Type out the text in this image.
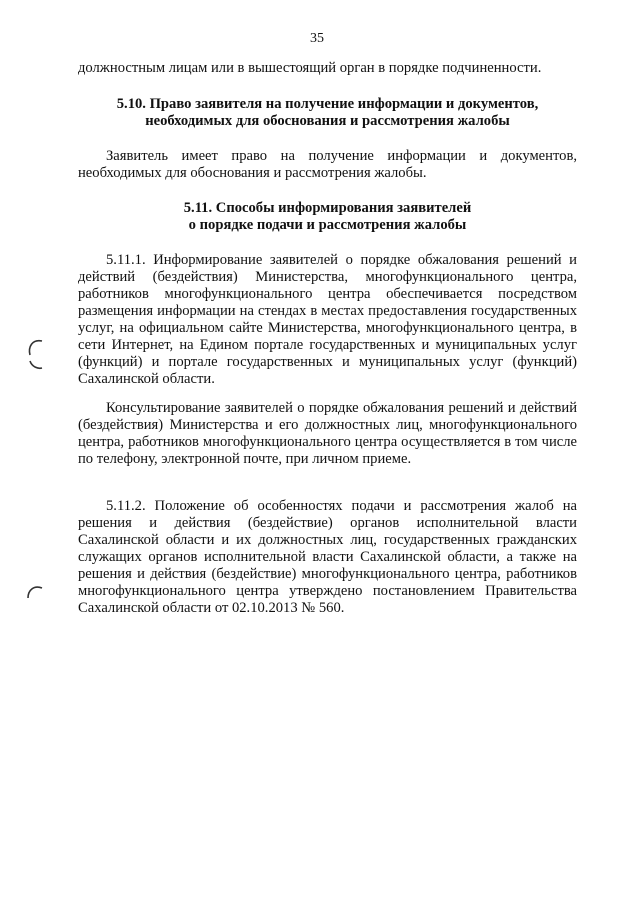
35
должностным лицам или в вышестоящий орган в порядке подчиненности.
5.10. Право заявителя на получение информации и документов,
необходимых для обоснования и рассмотрения жалобы
Заявитель имеет право на получение информации и документов, необходимых для обоснования и рассмотрения жалобы.
5.11. Способы информирования заявителей
о порядке подачи и рассмотрения жалобы
5.11.1. Информирование заявителей о порядке обжалования решений и действий (бездействия) Министерства, многофункционального центра, работников многофункционального центра обеспечивается посредством размещения информации на стендах в местах предоставления государственных услуг, на официальном сайте Министерства, многофункционального центра, в сети Интернет, на Едином портале государственных и муниципальных услуг (функций) и портале государственных и муниципальных услуг (функций) Сахалинской области.
Консультирование заявителей о порядке обжалования решений и действий (бездействия) Министерства и его должностных лиц, многофункционального центра, работников многофункционального центра осуществляется в том числе по телефону, электронной почте, при личном приеме.
5.11.2. Положение об особенностях подачи и рассмотрения жалоб на решения и действия (бездействие) органов исполнительной власти Сахалинской области и их должностных лиц, государственных гражданских служащих органов исполнительной власти Сахалинской области, а также на решения и действия (бездействие) многофункционального центра, работников многофункционального центра утверждено постановлением Правительства Сахалинской области от 02.10.2013 № 560.
